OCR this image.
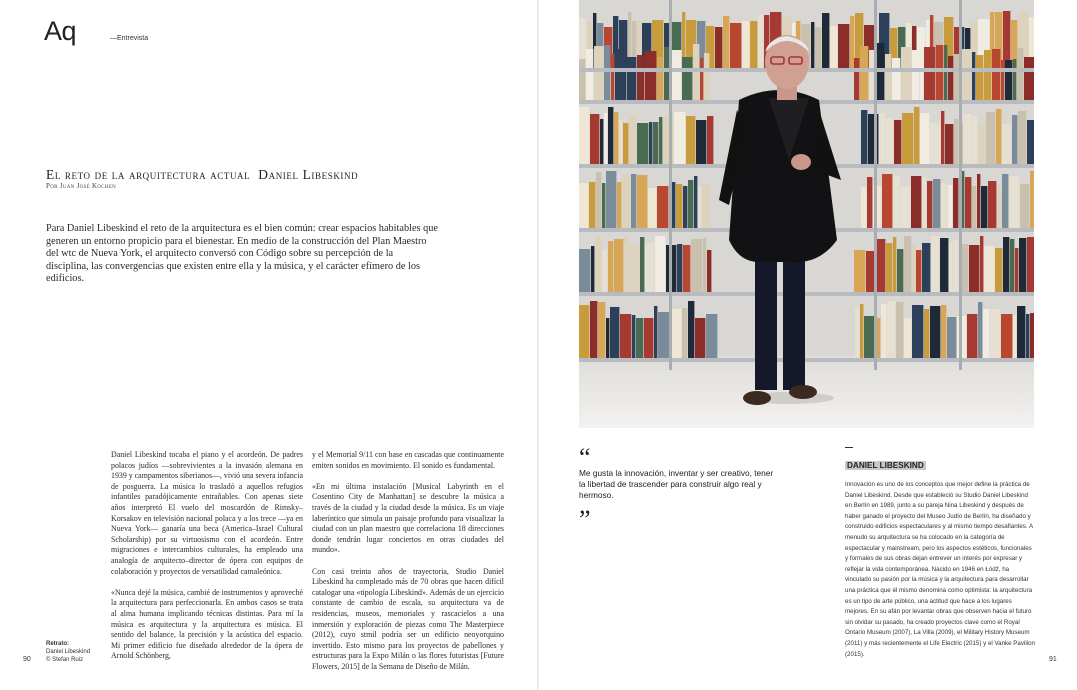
Aq	—Entrevista
El reto de la arquitectura actual Daniel Libeskind
Por Juan José Kochen

Para Daniel Libeskind el reto de la arquitectura es el bien común: crear espacios habitables que generen un entorno propicio para el bienestar. En medio de la construcción del Plan Maestro del wtc de Nueva York, el arquitecto conversó con Código sobre su percepción de la disciplina, las convergencias que existen entre ella y la música, y el carácter efímero de los edificios.

Daniel Libeskind tocaba el piano y el acordeón. De padres polacos judíos —sobrevivientes a la invasión alemana en 1939 y campamentos siberianos—, vivió una severa infancia de posguerra. La música lo trasladó a aquellos refugios infantiles paradójicamente entrañables. Con apenas siete años interpretó El vuelo del moscardón de Rimsky–Korsakov en televisión nacional polaca y a los trece —ya en Nueva York— ganaría una beca (America–Israel Cultural Scholarship) por su virtuosismo con el acordeón. Entre migraciones e intercambios culturales, ha empleado una analogía de arquitecto–director de ópera con equipos de colaboración y proyectos de versatilidad camaleónica.

«Nunca dejé la música, cambié de instrumentos y aproveché la arquitectura para perfeccionarla. En ambos casos se trata al alma humana implicando técnicas distintas. Para mí la música es arquitectura y la arquitectura es música. El sentido del balance, la precisión y la acústica del espacio. Mi primer edificio fue diseñado alrededor de la ópera de Arnold Schönberg,

y el Memorial 9/11 con base en cascadas que continuamente emiten sonidos en movimiento. El sonido es fundamental.

«En mi última instalación [Musical Labyrinth en el Cosentino City de Manhattan] se descubre la música a través de la ciudad y la ciudad desde la música. Es un viaje laberíntico que simula un paisaje profundo para visualizar la ciudad con un plan maestro que correlaciona 18 direcciones donde tendrán lugar conciertos en otras ciudades del mundo».

Con casi treinta años de trayectoria, Studio Daniel Libeskind ha completado más de 70 obras que hacen difícil catalogar una «tipología Libeskind». Además de un ejercicio constante de cambio de escala, su arquitectura va de residencias, museos, memoriales y rascacielos a una inmersión y exploración de piezas como The Masterpiece (2012), cuyo stmil podría ser un edificio neoyorquino invertido. Esto mismo para los proyectos de pabellones y estructuras para la Expo Milán o las flores futuristas [Future Flowers, 2015] de la Semana de Diseño de Milán.

Retrato:
Daniel Libeskind
© Stefan Ruiz
90
“
Me gusta la innovación, inventar y ser creativo, tener la libertad de trascender para construir algo real y hermoso.
”
DANIEL LIBESKIND
Innovación es uno de los conceptos que mejor define la práctica de Daniel Libeskind. Desde que estableció su Studio Daniel Libeskind en Berlín en 1989, junto a su pareja Nina Libeskind y después de haber ganado el proyecto del Museo Judío de Berlín, ha diseñado y construido edificios espectaculares y al mismo tiempo desafiantes. A menudo su arquitectura se ha colocado en la categoría de espectacular y mainstream, pero los aspectos estéticos, funcionales y formales de sus obras dejan entrever un interés por expresar y reflejar la vida contemporánea. Nacido en 1946 en Łódź, ha vinculado su pasión por la música y la arquitectura para desarrollar una práctica que él mismo denomina como optimista: la arquitectura es un tipo de arte público, una actitud que hace a los lugares mejores. En su afán por levantar obras que observen hacia el futuro sin olvidar su pasado, ha creado proyectos clave como el Royal Ontario Museum (2007), La Villa (2009), el Military History Museum (2011) y más recientemente el Life Electric (2015) y el Vanke Pavilion (2015).
91
